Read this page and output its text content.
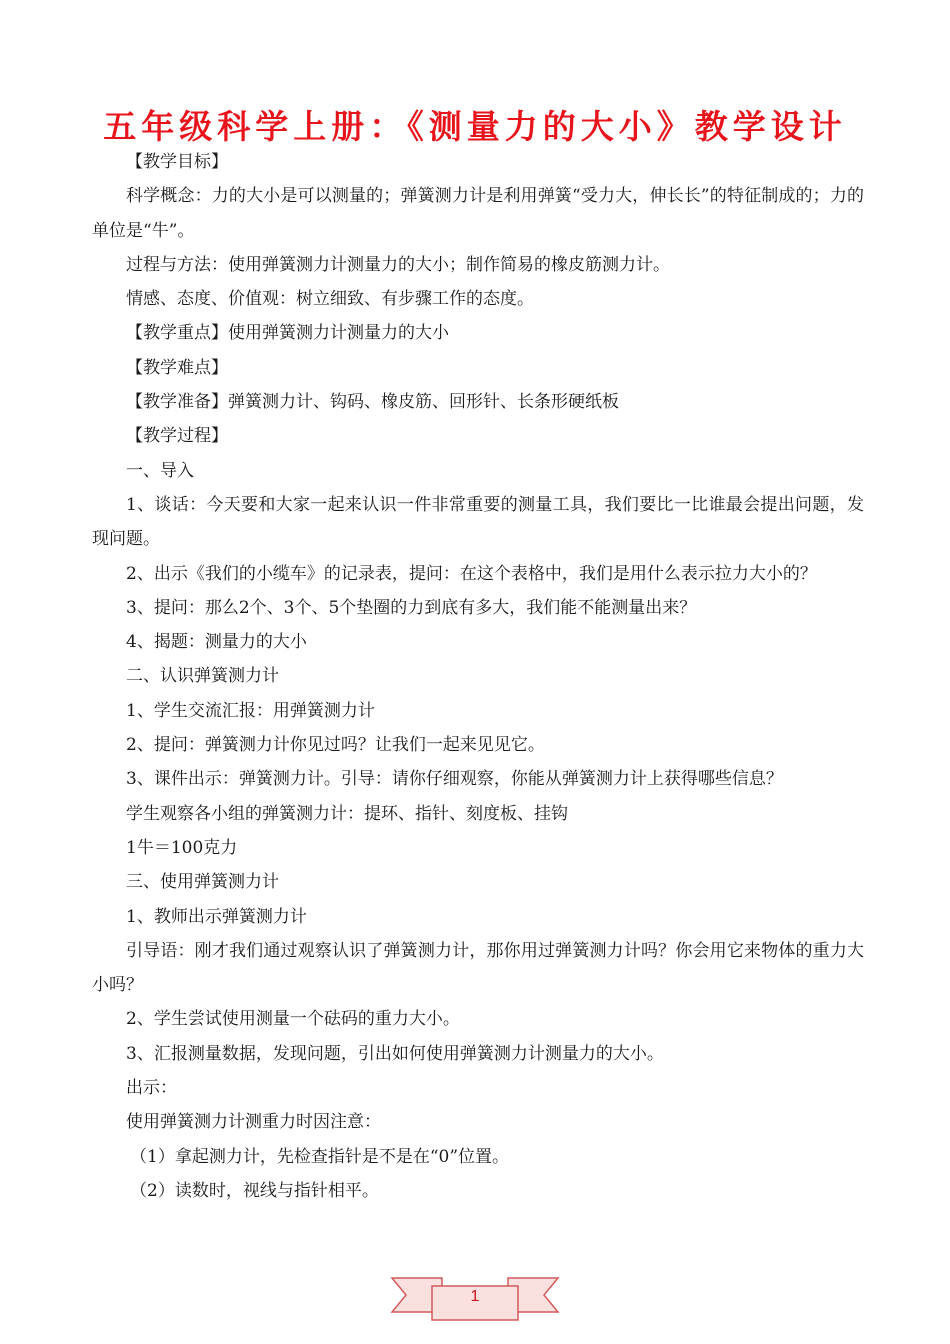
五年级科学上册：《测量力的大小》教学设计

【教学目标】

科学概念：力的大小是可以测量的；弹簧测力计是利用弹簧“受力大，伸长长”的特征制成的；力的单位是“牛”。

过程与方法：使用弹簧测力计测量力的大小；制作简易的橡皮筋测力计。

情感、态度、价值观：树立细致、有步骤工作的态度。

【教学重点】使用弹簧测力计测量力的大小

【教学难点】

【教学准备】弹簧测力计、钩码、橡皮筋、回形针、长条形硬纸板

【教学过程】

一、导入

1、谈话：今天要和大家一起来认识一件非常重要的测量工具，我们要比一比谁最会提出问题，发现问题。

2、出示《我们的小缆车》的记录表，提问：在这个表格中，我们是用什么表示拉力大小的？

3、提问：那么2个、3个、5个垫圈的力到底有多大，我们能不能测量出来？

4、揭题：测量力的大小

二、认识弹簧测力计

1、学生交流汇报：用弹簧测力计

2、提问：弹簧测力计你见过吗？让我们一起来见见它。

3、课件出示：弹簧测力计。引导：请你仔细观察，你能从弹簧测力计上获得哪些信息？

学生观察各小组的弹簧测力计：提环、指针、刻度板、挂钩

1牛＝100克力

三、使用弹簧测力计

1、教师出示弹簧测力计

引导语：刚才我们通过观察认识了弹簧测力计，那你用过弹簧测力计吗？你会用它来物体的重力大小吗？

2、学生尝试使用测量一个砝码的重力大小。

3、汇报测量数据，发现问题，引出如何使用弹簧测力计测量力的大小。

出示：

使用弹簧测力计测重力时因注意：

（1）拿起测力计，先检查指针是不是在“0”位置。

（2）读数时，视线与指针相平。

1
